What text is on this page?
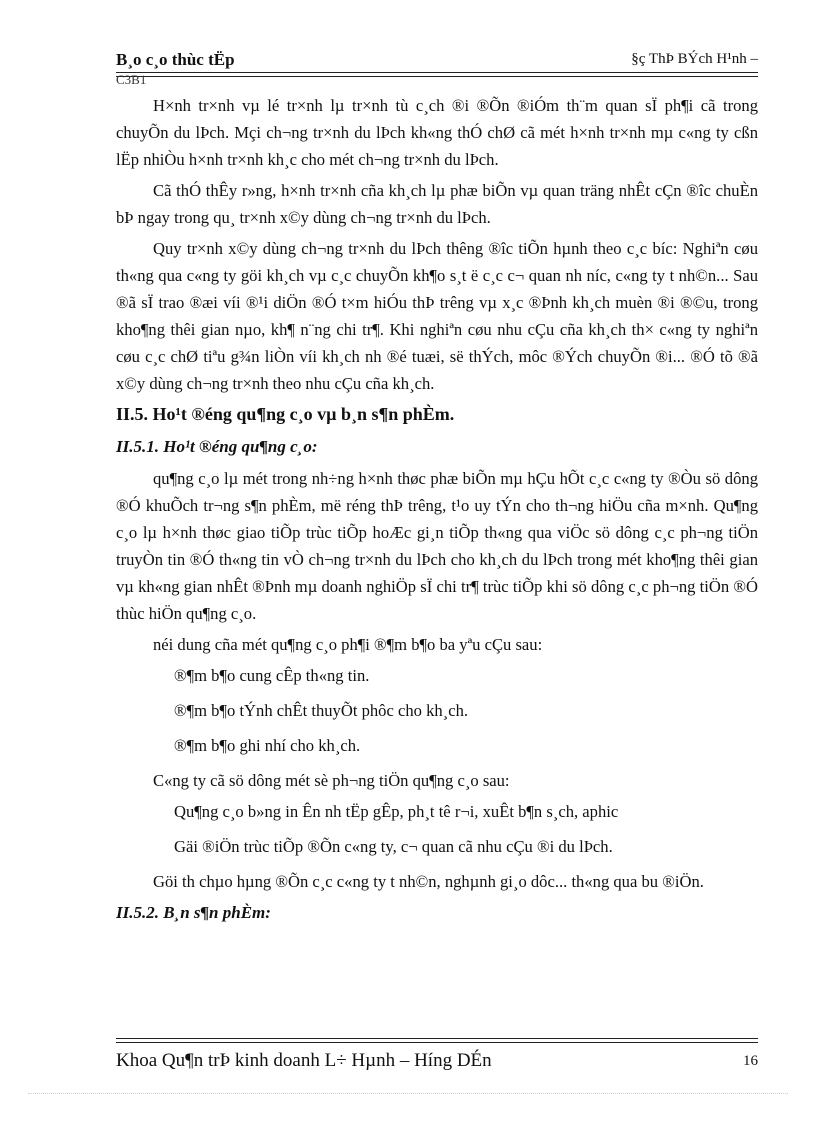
B¸o c¸o thùc tËp	§ç ThÞ BÝch H¹nh –
C3B1

H×nh tr×nh vµ lé tr×nh lµ tr×nh tù c¸ch ®i ®Õn ®iÓm th¨m quan sÏ ph¶i cã trong chuyÕn du lÞch. Mçi ch¬ng tr×nh du lÞch kh«ng thÓ chØ cã mét h×nh tr×nh mµ c«ng ty cßn lËp nhiÒu h×nh tr×nh kh¸c cho mét ch¬ng tr×nh du lÞch.

Cã thÓ thÊy r»ng, h×nh tr×nh cña kh¸ch lµ phæ biÕn vµ quan träng nhÊt cÇn ®îc chuÈn bÞ ngay trong qu¸ tr×nh x©y dùng ch¬ng tr×nh du lÞch.

Quy tr×nh x©y dùng ch¬ng tr×nh du lÞch thêng ®îc tiÕn hµnh theo c¸c bíc: Nghiªn cøu th«ng qua c«ng ty göi kh¸ch vµ c¸c chuyÕn kh¶o s¸t ë c¸c c¬ quan nh níc, c«ng ty t nh©n... Sau ®ã sÏ trao ®æi víi ®¹i diÖn ®Ó t×m hiÓu thÞ trêng vµ x¸c ®Þnh kh¸ch muèn ®i ®©u, trong kho¶ng thêi gian nµo, kh¶ n¨ng chi tr¶. Khi nghiªn cøu nhu cÇu cña kh¸ch th× c«ng ty nghiªn cøu c¸c chØ tiªu g¾n liÒn víi kh¸ch nh ®é tuæi, së thÝch, môc ®Ých chuyÕn ®i... ®Ó tõ ®ã x©y dùng ch¬ng tr×nh theo nhu cÇu cña kh¸ch.

II.5. Ho¹t ®éng qu¶ng c¸o vµ b¸n s¶n phÈm.
II.5.1. Ho¹t ®éng qu¶ng c¸o:

qu¶ng c¸o lµ mét trong nh÷ng h×nh thøc phæ biÕn mµ hÇu hÕt c¸c c«ng ty ®Òu sö dông ®Ó khuÕch tr¬ng s¶n phÈm, më réng thÞ trêng, t¹o uy tÝn cho th¬ng hiÖu cña m×nh. Qu¶ng c¸o lµ h×nh thøc giao tiÕp trùc tiÕp hoÆc gi¸n tiÕp th«ng qua viÖc sö dông c¸c ph¬ng tiÖn truyÒn tin ®Ó th«ng tin vÒ ch¬ng tr×nh du lÞch cho kh¸ch du lÞch trong mét kho¶ng thêi gian vµ kh«ng gian nhÊt ®Þnh mµ doanh nghiÖp sÏ chi tr¶ trùc tiÕp khi sö dông c¸c ph¬ng tiÖn ®Ó thùc hiÖn qu¶ng c¸o.

néi dung cña mét qu¶ng c¸o ph¶i ®¶m b¶o ba yªu cÇu sau:

®¶m b¶o cung cÊp th«ng tin.
®¶m b¶o tÝnh chÊt thuyÕt phôc cho kh¸ch.
®¶m b¶o ghi nhí cho kh¸ch.

C«ng ty cã sö dông mét sè ph¬ng tiÖn qu¶ng c¸o sau:

Qu¶ng c¸o b»ng in Ên nh tËp gÊp, ph¸t tê r¬i, xuÊt b¶n s¸ch, aphic
Gäi ®iÖn trùc tiÕp ®Õn c«ng ty, c¬ quan cã nhu cÇu ®i du lÞch.

Göi th chµo hµng ®Õn c¸c c«ng ty t nh©n, nghµnh gi¸o dôc... th«ng qua bu ®iÖn.

II.5.2. B¸n s¶n phÈm:
Khoa Qu¶n trÞ kinh doanh L÷ Hµnh – Híng DÉn	16
